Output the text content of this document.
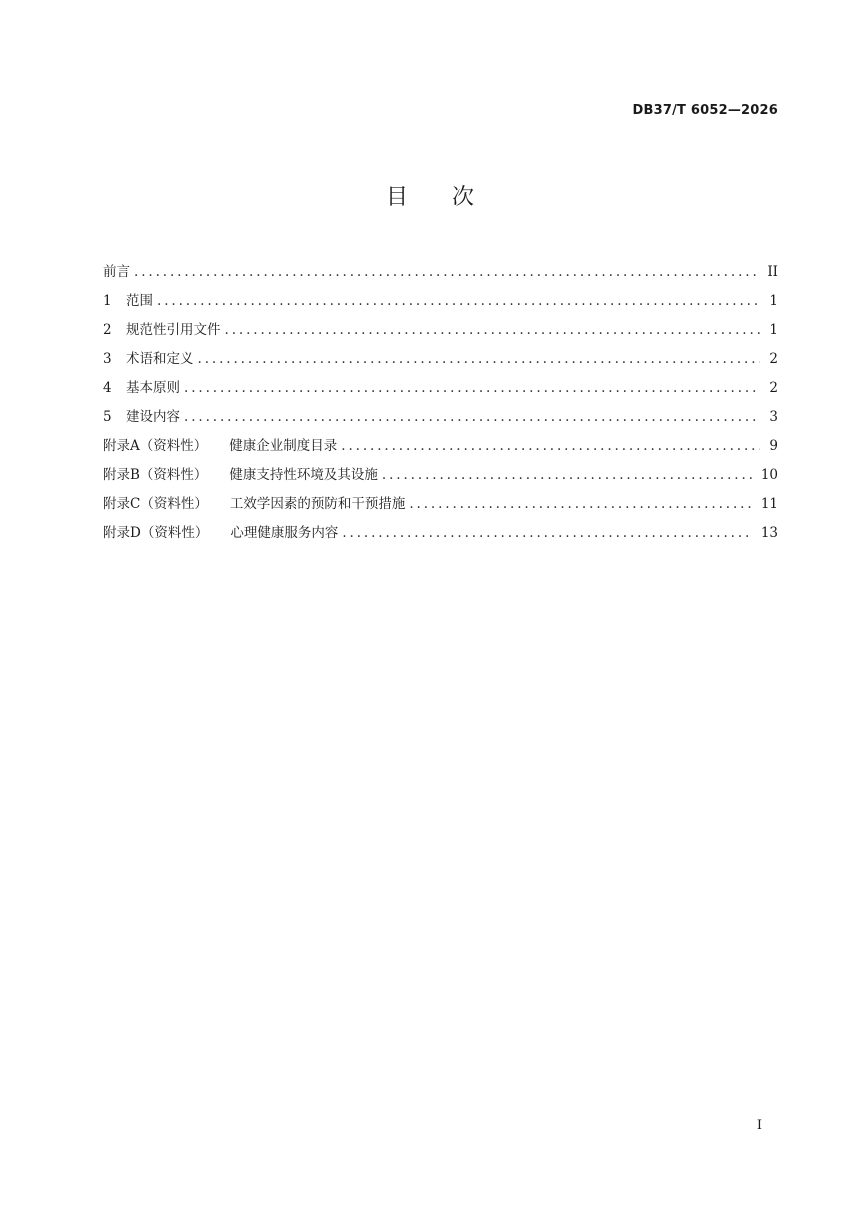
DB37/T 6052—2026
目次
前言 .....	II
1	范围 .....	1
2	规范性引用文件 .....	1
3	术语和定义 .....	2
4	基本原则 .....	2
5	建设内容 .....	3
附录A（资料性） 健康企业制度目录 .....	9
附录B（资料性） 健康支持性环境及其设施 .....	10
附录C（资料性） 工效学因素的预防和干预措施 .....	11
附录D（资料性） 心理健康服务内容 .....	13
I
